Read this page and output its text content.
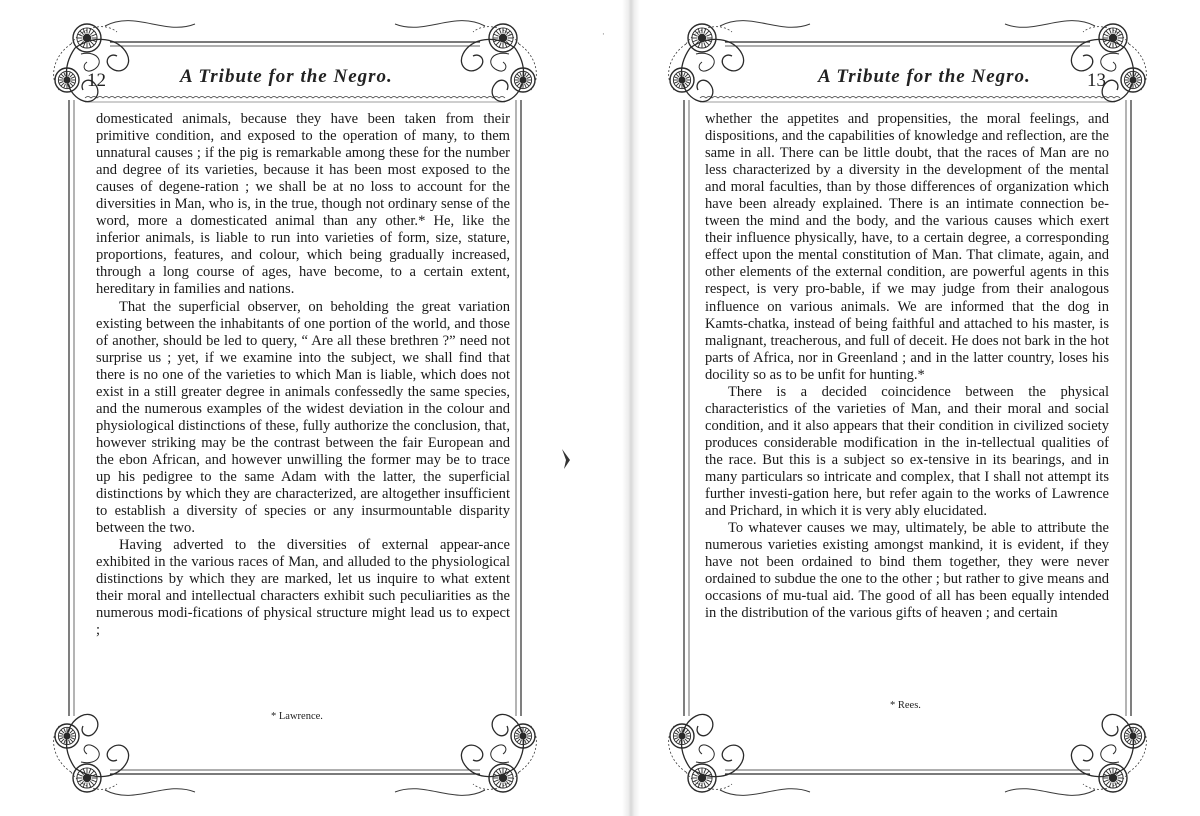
·
12	A Tribute for the Negro.

domesticated animals, because they have been taken from their primitive condition, and exposed to the operation of many, to them unnatural causes ; if the pig is remarkable among these for the number and degree of its varieties, because it has been most exposed to the causes of degene-ration ; we shall be at no loss to account for the diversities in Man, who is, in the true, though not ordinary sense of the word, more a domesticated animal than any other.* He, like the inferior animals, is liable to run into varieties of form, size, stature, proportions, features, and colour, which being gradually increased, through a long course of ages, have become, to a certain extent, hereditary in families and nations.

That the superficial observer, on beholding the great variation existing between the inhabitants of one portion of the world, and those of another, should be led to query, “ Are all these brethren ?” need not surprise us ; yet, if we examine into the subject, we shall find that there is no one of the varieties to which Man is liable, which does not exist in a still greater degree in animals confessedly the same species, and the numerous examples of the widest deviation in the colour and physiological distinctions of these, fully authorize the conclusion, that, however striking may be the contrast between the fair European and the ebon African, and however unwilling the former may be to trace up his pedigree to the same Adam with the latter, the superficial distinctions by which they are characterized, are altogether insufficient to establish a diversity of species or any insurmountable disparity between the two.

Having adverted to the diversities of external appear-ance exhibited in the various races of Man, and alluded to the physiological distinctions by which they are marked, let us inquire to what extent their moral and intellectual characters exhibit such peculiarities as the numerous modi-fications of physical structure might lead us to expect ;

* Lawrence.
A Tribute for the Negro.	13

whether the appetites and propensities, the moral feelings, and dispositions, and the capabilities of knowledge and reflection, are the same in all. There can be little doubt, that the races of Man are no less characterized by a diversity in the development of the mental and moral faculties, than by those differences of organization which have been already explained. There is an intimate connection be-tween the mind and the body, and the various causes which exert their influence physically, have, to a certain degree, a corresponding effect upon the mental constitution of Man. That climate, again, and other elements of the external condition, are powerful agents in this respect, is very pro-bable, if we may judge from their analogous influence on various animals. We are informed that the dog in Kamts-chatka, instead of being faithful and attached to his master, is malignant, treacherous, and full of deceit. He does not bark in the hot parts of Africa, nor in Greenland ; and in the latter country, loses his docility so as to be unfit for hunting.*

There is a decided coincidence between the physical characteristics of the varieties of Man, and their moral and social condition, and it also appears that their condition in civilized society produces considerable modification in the in-tellectual qualities of the race. But this is a subject so ex-tensive in its bearings, and in many particulars so intricate and complex, that I shall not attempt its further investi-gation here, but refer again to the works of Lawrence and Prichard, in which it is very ably elucidated.

To whatever causes we may, ultimately, be able to attribute the numerous varieties existing amongst mankind, it is evident, if they have not been ordained to bind them together, they were never ordained to subdue the one to the other ; but rather to give means and occasions of mu-tual aid. The good of all has been equally intended in the distribution of the various gifts of heaven ; and certain

* Rees.
